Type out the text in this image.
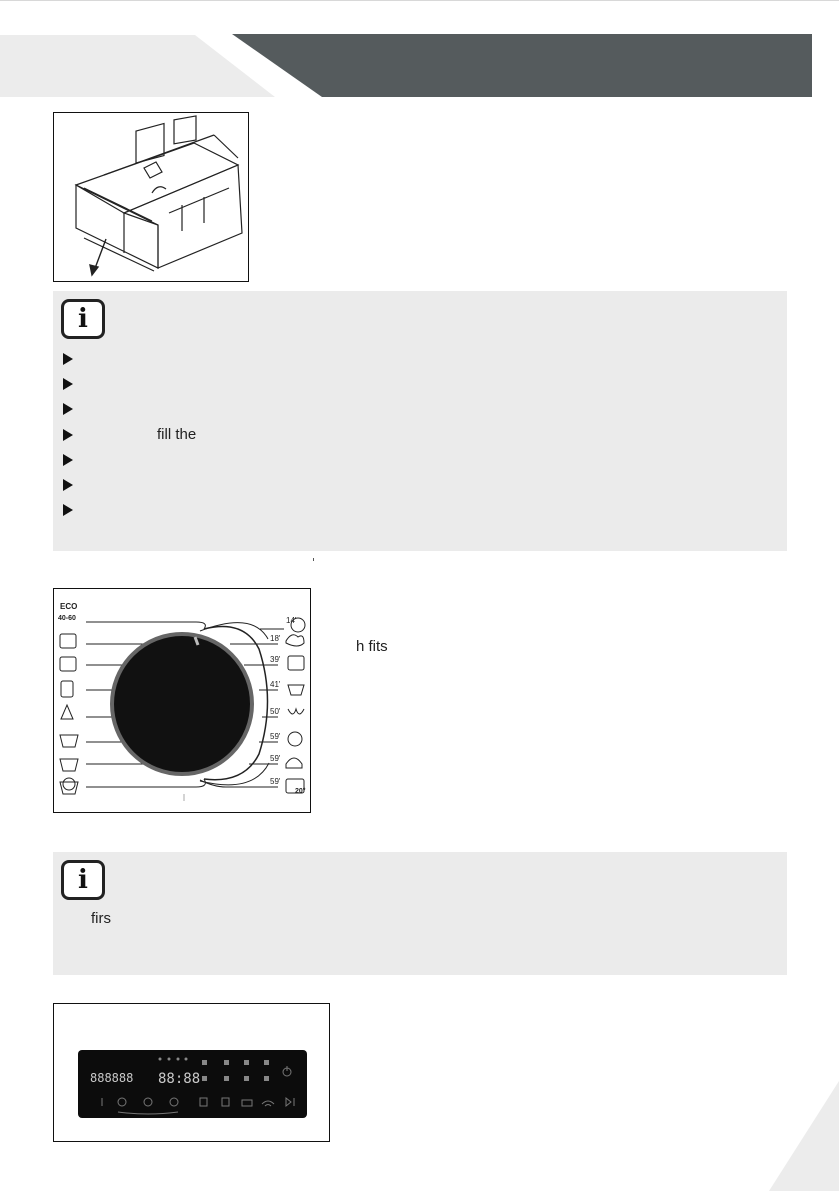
i
fill the
ECO
40-60	14'
18'
39'
41'
50'
59'
59'
59'
20°
h fits
i
firs
888888 88:88
